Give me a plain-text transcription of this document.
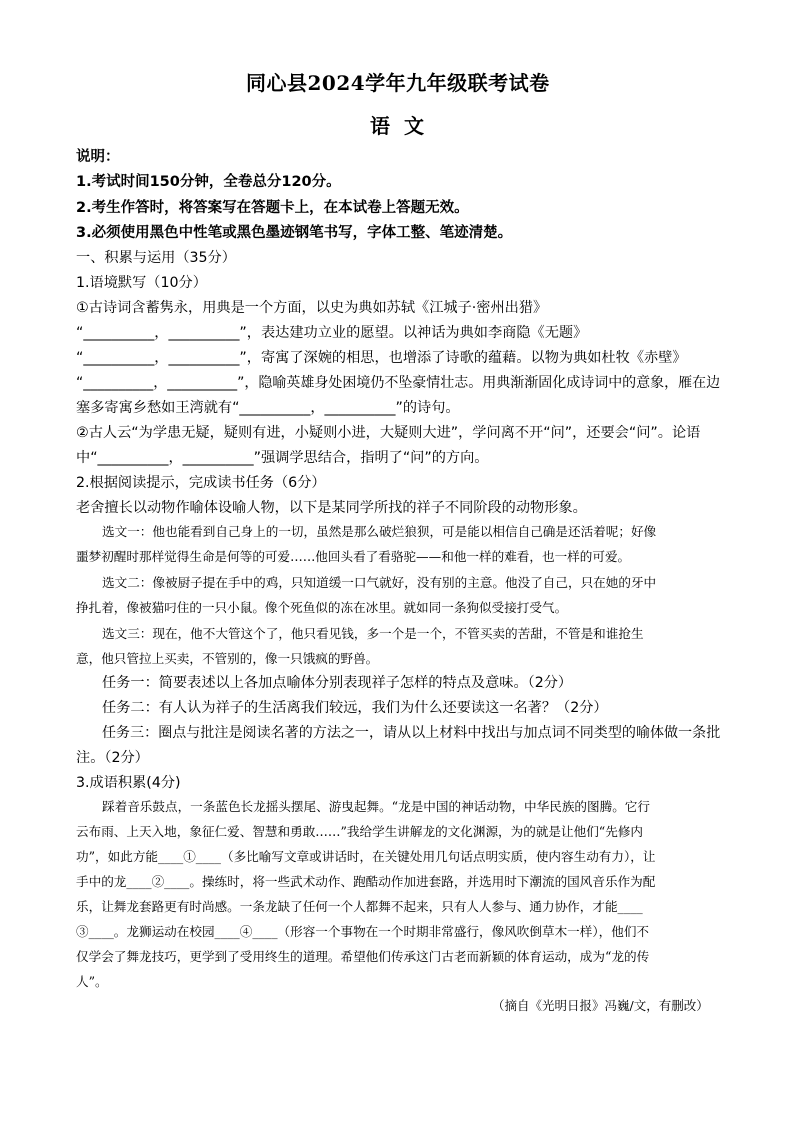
同心县2024学年九年级联考试卷
语文
说明：
1.考试时间150分钟，全卷总分120分。
2.考生作答时，将答案写在答题卡上，在本试卷上答题无效。
3.必须使用黑色中性笔或黑色墨迹钢笔书写，字体工整、笔迹清楚。
一、积累与运用（35分）
1.语境默写（10分）
①古诗词含蓄隽永，用典是一个方面，以史为典如苏轼《江城子·密州出猎》
“__________，__________”，表达建功立业的愿望。以神话为典如李商隐《无题》
“__________，__________”，寄寓了深婉的相思，也增添了诗歌的蕴藉。以物为典如杜牧《赤壁》
“__________，__________”，隐喻英雄身处困境仍不坠豪情壮志。用典渐渐固化成诗词中的意象，雁在边
塞多寄寓乡愁如王湾就有“__________，__________”的诗句。
②古人云“为学患无疑，疑则有进，小疑则小进，大疑则大进”，学问离不开“问”，还要会“问”。论语
中“__________，__________”强调学思结合，指明了“问”的方向。
2.根据阅读提示，完成读书任务（6分）
老舍擅长以动物作喻体设喻人物，以下是某同学所找的祥子不同阶段的动物形象。
选文一：他也能看到自己身上的一切，虽然是那么破烂狼狈，可是能以相信自己确是还活着呢；好像
噩梦初醒时那样觉得生命是何等的可爱……他回头看了看骆驼——和他一样的难看，也一样的可爱。
选文二：像被厨子提在手中的鸡，只知道缓一口气就好，没有别的主意。他没了自己，只在她的牙中
挣扎着，像被猫叼住的一只小鼠。像个死鱼似的冻在冰里。就如同一条狗似受接打受气。
选文三：现在，他不大管这个了，他只看见钱，多一个是一个，不管买卖的苦甜，不管是和谁抢生
意，他只管拉上买卖，不管别的，像一只饿疯的野兽。
任务一：简要表述以上各加点喻体分别表现祥子怎样的特点及意味。（2分）
任务二：有人认为祥子的生活离我们较远，我们为什么还要读这一名著？（2分）
任务三：圈点与批注是阅读名著的方法之一，请从以上材料中找出与加点词不同类型的喻体做一条批
注。（2分）
3.成语积累(4分)
踩着音乐鼓点，一条蓝色长龙摇头摆尾、游曳起舞。“龙是中国的神话动物，中华民族的图腾。它行
云布雨、上天入地，象征仁爱、智慧和勇敢……”我给学生讲解龙的文化渊源，为的就是让他们“先修内
功”，如此方能____①____（多比喻写文章或讲话时，在关键处用几句话点明实质，使内容生动有力），让
手中的龙____②____。操练时，将一些武术动作、跑酷动作加进套路，并选用时下潮流的国风音乐作为配
乐，让舞龙套路更有时尚感。一条龙缺了任何一个人都舞不起来，只有人人参与、通力协作，才能____
③____。龙狮运动在校园____④____（形容一个事物在一个时期非常盛行，像风吹倒草木一样），他们不
仅学会了舞龙技巧，更学到了受用终生的道理。希望他们传承这门古老而新颖的体育运动，成为“龙的传
人”。
（摘自《光明日报》冯巍/文，有删改）
